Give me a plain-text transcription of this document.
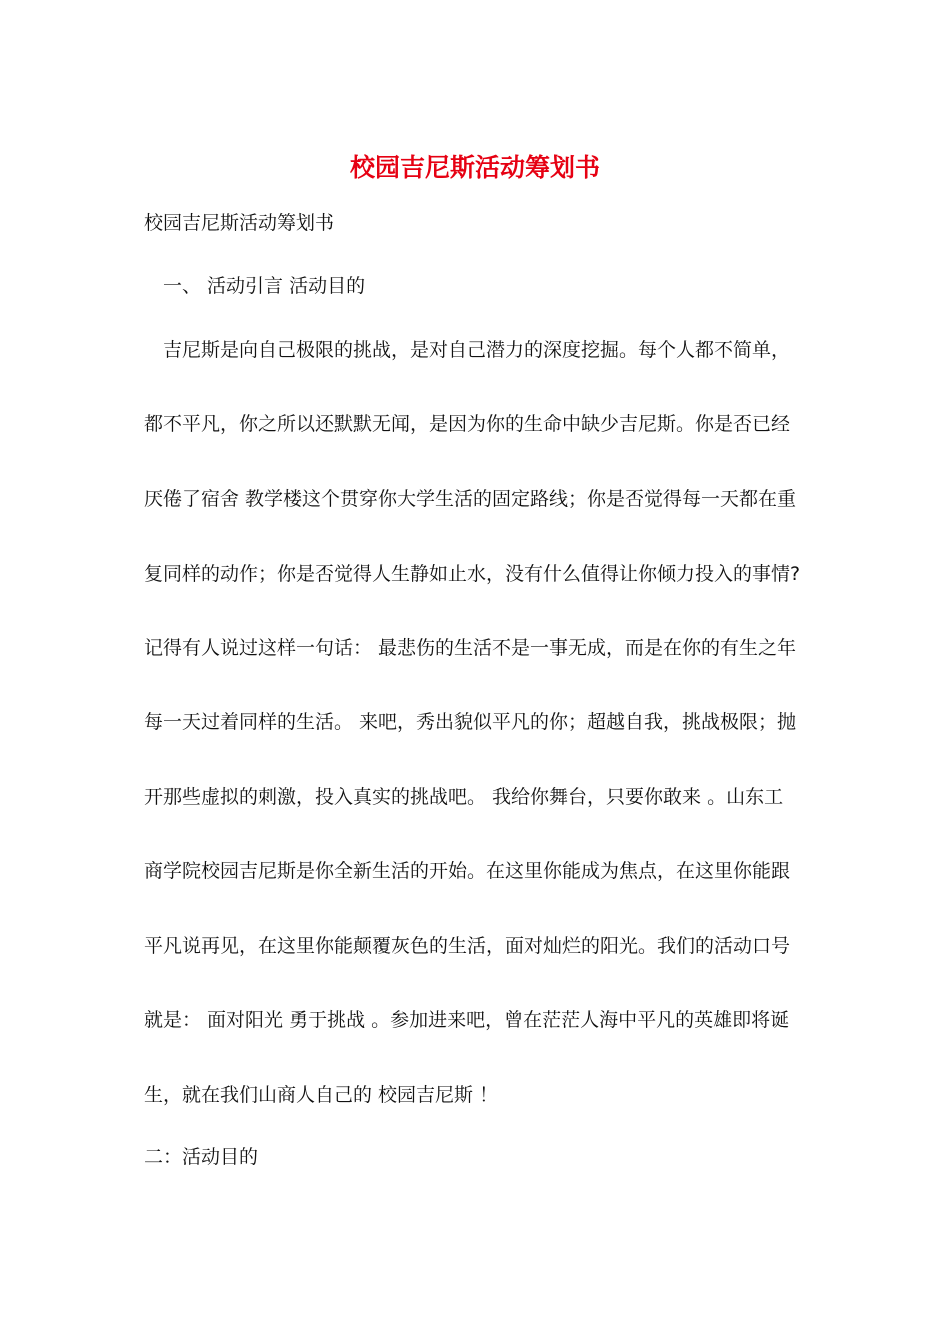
校园吉尼斯活动筹划书

校园吉尼斯活动筹划书

一、 活动引言 活动目的

吉尼斯是向自己极限的挑战，是对自己潜力的深度挖掘。每个人都不简单，

都不平凡，你之所以还默默无闻，是因为你的生命中缺少吉尼斯。你是否已经

厌倦了宿舍 教学楼这个贯穿你大学生活的固定路线；你是否觉得每一天都在重

复同样的动作；你是否觉得人生静如止水，没有什么值得让你倾力投入的事情?

记得有人说过这样一句话： 最悲伤的生活不是一事无成，而是在你的有生之年

每一天过着同样的生活。 来吧，秀出貌似平凡的你；超越自我，挑战极限；抛

开那些虚拟的刺激，投入真实的挑战吧。 我给你舞台，只要你敢来 。山东工

商学院校园吉尼斯是你全新生活的开始。在这里你能成为焦点，在这里你能跟

平凡说再见，在这里你能颠覆灰色的生活，面对灿烂的阳光。我们的活动口号

就是： 面对阳光 勇于挑战 。参加进来吧，曾在茫茫人海中平凡的英雄即将诞

生，就在我们山商人自己的 校园吉尼斯 ！

二：活动目的
